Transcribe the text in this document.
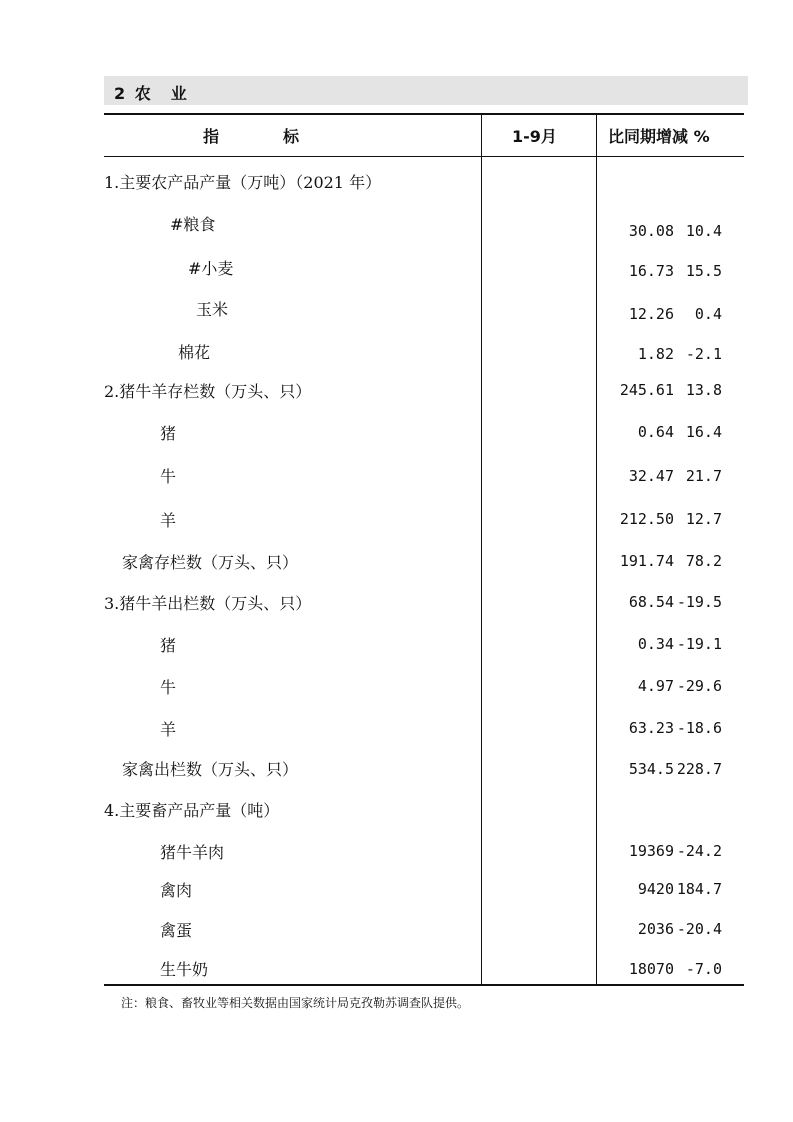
2 农　业
指　　　　标	1-9月	比同期增减 %
1.主要农产品产量（万吨）（2021 年）
#粮食	30.08 10.4
#小麦	16.73 15.5
玉米	12.26	0.4
棉花	1.82 -2.1
2.猪牛羊存栏数（万头、只）	245.61 13.8
猪	0.64 16.4
牛	32.47 21.7
羊	212.50 12.7
家禽存栏数（万头、只）	191.74 78.2
3.猪牛羊出栏数（万头、只）	68.54 -19.5
猪	0.34 -19.1
牛	4.97 -29.6
羊	63.23 -18.6
家禽出栏数（万头、只）	534.5 228.7
4.主要畜产品产量（吨）
猪牛羊肉	19369 -24.2
禽肉	9420 184.7
禽蛋	2036 -20.4
生牛奶	18070 -7.0
注：粮食、畜牧业等相关数据由国家统计局克孜勒苏调查队提供。
